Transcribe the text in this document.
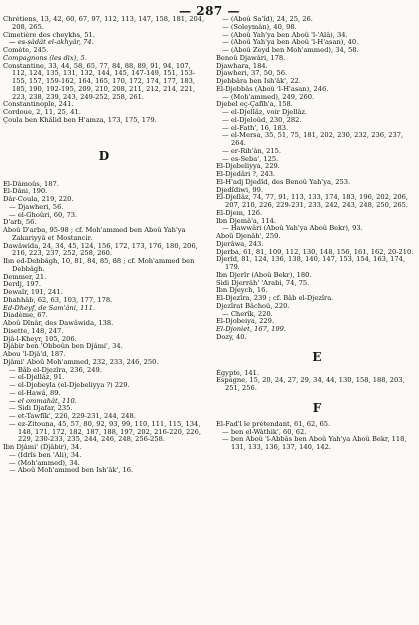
— 287 —
Chrétiens, 13, 42, 60, 67, 97, 112, 113, 147, 158, 181, 204, 208, 265.
Cimetière des cheykhs, 51.
— es-ṣâdât el-akhyâr, 74.
Comète, 245.
Compagnons (les dix), 5.
Constantine, 33, 44, 58, 65, 77, 84, 88, 89, 91, 94, 107, 112, 124, 135, 131, 132, 144, 145, 147-149, 151, 153-155, 157, 159-162, 164, 165, 170, 172, 174, 177, 183, 185, 190, 192-195, 209, 210, 208, 211, 212, 214, 221, 223, 238, 239, 243, 249-252, 258, 261.
Constantinople, 241.
Cordoue, 2, 11, 25, 41.
Çoula ben Khâlid ben H'amza, 173, 175, 179.
D
El-Dâmoûs, 187.
El-Dâni, 190.
Dâr-Coula, 219, 220.
— Djawheri, 56.
— el-Ghoûri, 60, 73.
D'arb, 56.
Aboû D'arba, 95-98 ; cf. Moh'ammed ben Aboû Yah'ya Zakariyyâ et Mostancir.
Dawâwida, 24, 34, 45, 124, 156, 172, 173, 176, 180, 206, 216, 223, 237, 252, 258, 260.
Ibn ed-Debbâgh, 10, 81, 84, 85, 88 ; cf. Moh'ammed ben Debbâgh.
Demmer, 21.
Derdj, 197.
Dewaîr, 191, 241.
Dhahhâb, 62, 63, 103, 177, 178.
Ed-Dheyf, de Sam'âni, 111.
Diadème, 67.
Aboû Dînâr, des Dawâwida, 138.
Disette, 148, 247.
Djâ-l-Kheyr, 105, 206.
Djâbir ben 'Obboûn ben Djâmi', 34.
Abou 'l-Djâ'd, 187.
Djâmi' Aboû Moh'ammed, 232, 233, 246, 250.
— Bâb el-Djezîra, 236, 249.
— el-Djellâz, 91.
— el-Djobeyla (el-Djebeliyya ?) 229.
— el-Hawâ, 89.
— el ommahât, 110.
— Sidi Djafar, 235.
— et-Tawfîk', 226, 229-231, 244, 248.
— ez-Zitouna, 45, 57, 80, 92, 93, 99, 110, 111, 115, 134, 148, 171, 172, 182, 187, 188, 197, 202, 216-220, 226, 229, 230-233, 235, 244, 246, 248, 256-258.
Ibn Djâmi' (Djâbir), 34.
— (Idrîs ben 'Ali), 34.
— (Moh'ammed), 34.
— Aboû Moh'ammed ben Ish'âk', 16.
— (Aboû Sa'îd), 24, 25, 26.
— (Soleymân), 40, 98.
— (Aboû Yah'ya ben Aboû 'l-'Alâ), 34.
— (Aboû Yah'ya ben Aboû 'l-H'asan), 40.
— (Aboû Zeyd ben Moh'ammed), 34, 58.
Benoû Djawâri, 178.
Djawhara, 184.
Djawheri, 37, 50, 56.
Djebbâra ben Ish'âk', 22.
El-Djebbâs (Aboû 'l-H'asan), 246.
— (Moh'ammed), 249, 260.
Djebel eç-Çafîh'a, 158.
— el-Djellâz, voir Djellâz.
— el-Djeloûd, 230, 282.
— el-Fath', 16, 183.
— el-Mersa, 35, 51, 75, 181, 202, 230, 232, 236, 237, 264.
— er-Rih'ân, 215.
— es-Seba', 125.
El-Djebeliyya, 229.
El-Djedâri ?, 243.
El-H'adj Djedîd, des Benoû Yah'ya, 253.
Djedîdiwi, 99.
El-Djellâz, 74, 77, 91, 113, 133, 174, 183, 196, 202, 206, 207, 210, 226, 229-231, 233, 242, 243, 248, 250, 265.
El-Djem, 126.
Ibn Djemâ'a, 114.
— Hawwâri (Aboû Yah'ya Aboû Bekr), 93.
Aboû Djenâh', 259.
Djerâwa, 243.
Djerba, 61, 81, 109, 112, 130, 148, 156, 161, 162, 20-210.
Djerîd, 81, 124, 136, 138, 140, 147, 153, 154, 163, 174, 179.
Ibn Djerîr (Aboû Bekr), 180.
Sidi Djerrâh' 'Arabi, 74, 75.
Ibn Djeych, 16.
El-Djezîra, 239 ; cf. Bâb el-Djezîra.
Djezîrat Bâchoû, 220.
— Cherîk, 220.
El-Djobeiya, 229.
El-Djoniet, 167, 199.
Dozy, 40.
E
Égypte, 141.
Espagne, 15, 20, 24, 27, 29, 34, 44, 130, 158, 188, 203, 251, 256.
F
El-Fad'l le prétendant, 61, 62, 65.
— ben el-Wâthik', 60, 62.
— ben Aboû 'l-Abbâs ben Aboû Yah'ya Aboû Bekr, 118, 131, 133, 136, 137, 140, 142.
